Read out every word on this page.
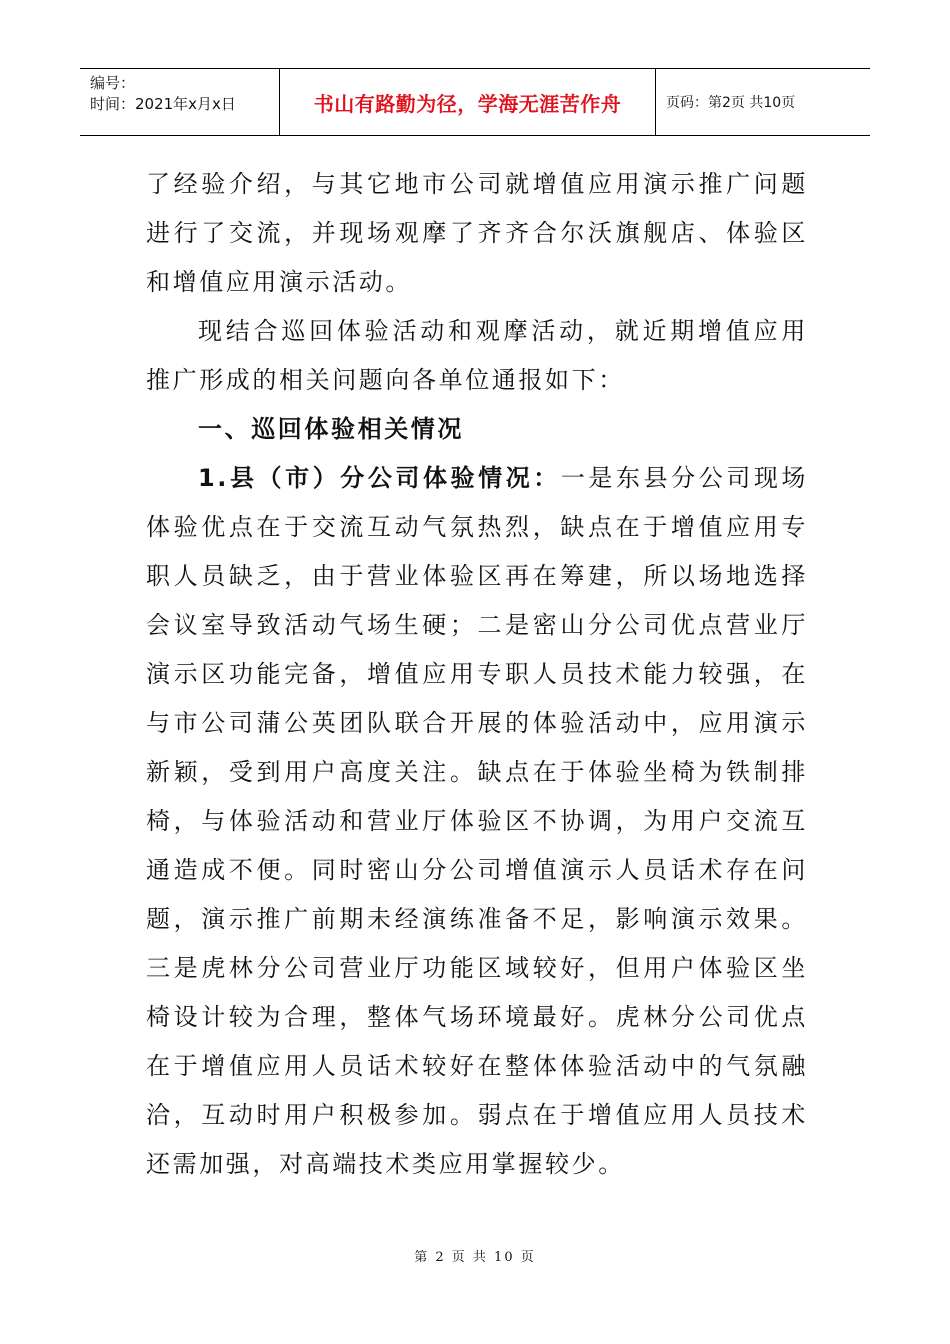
编号：
时间：2021年x月x日	书山有路勤为径，学海无涯苦作舟	页码：第2页 共10页

了经验介绍，与其它地市公司就增值应用演示推广问题进行了交流，并现场观摩了齐齐合尔沃旗舰店、体验区和增值应用演示活动。

现结合巡回体验活动和观摩活动，就近期增值应用推广形成的相关问题向各单位通报如下：

一、巡回体验相关情况

1.县（市）分公司体验情况：一是东县分公司现场体验优点在于交流互动气氛热烈，缺点在于增值应用专职人员缺乏，由于营业体验区再在筹建，所以场地选择会议室导致活动气场生硬；二是密山分公司优点营业厅演示区功能完备，增值应用专职人员技术能力较强，在与市公司蒲公英团队联合开展的体验活动中，应用演示新颖，受到用户高度关注。缺点在于体验坐椅为铁制排椅，与体验活动和营业厅体验区不协调，为用户交流互通造成不便。同时密山分公司增值演示人员话术存在问题，演示推广前期未经演练准备不足，影响演示效果。三是虎林分公司营业厅功能区域较好，但用户体验区坐椅设计较为合理，整体气场环境最好。虎林分公司优点在于增值应用人员话术较好在整体体验活动中的气氛融洽，互动时用户积极参加。弱点在于增值应用人员技术还需加强，对高端技术类应用掌握较少。

第 2 页 共 10 页
